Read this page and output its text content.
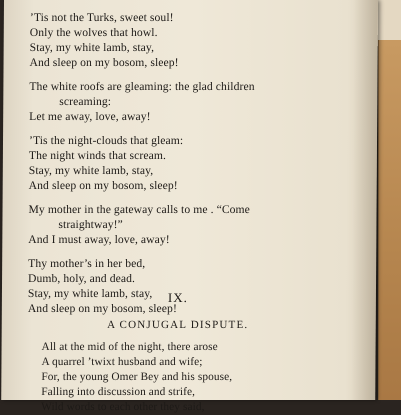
’Tis not the Turks, sweet soul!
Only the wolves that howl.
Stay, my white lamb, stay,
And sleep on my bosom, sleep!
The white roofs are gleaming: the glad children
screaming:
Let me away, love, away!
’Tis the night-clouds that gleam:
The night winds that scream.
Stay, my white lamb, stay,
And sleep on my bosom, sleep!
My mother in the gateway calls to me . “Come
straightway!”
And I must away, love, away!
Thy mother’s in her bed,
Dumb, holy, and dead.
Stay, my white lamb, stay,
And sleep on my bosom, sleep!
IX.
A CONJUGAL DISPUTE.
All at the mid of the night, there arose
A quarrel ’twixt husband and wife;
For, the young Omer Bey and his spouse,
Falling into discussion and strife,
Wild words to each other they said,
